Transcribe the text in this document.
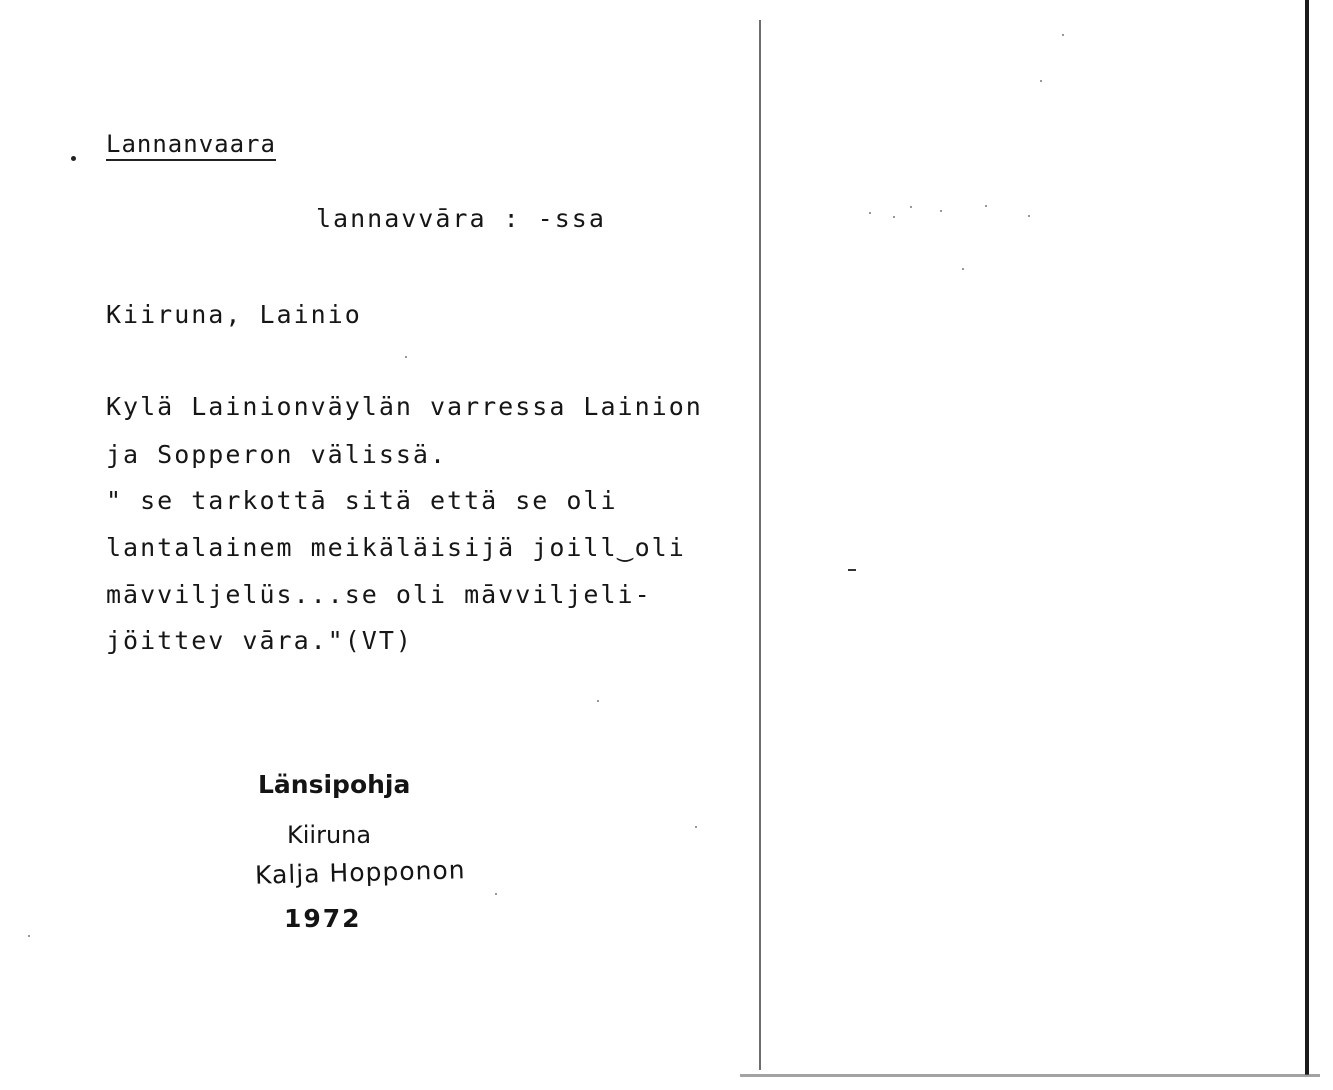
Lannanvaara
lannavvāra : -ssa
Kiiruna, Lainio
Kylä Lainionväylän varressa Lainion
ja Sopperon välissä.
" se tarkottā sitä että se oli
lantalainem meikäläisijä joill‿oli
māvviljelüs...se oli māvviljeli-
jöittev vāra."(VT)
Länsipohja
Kiiruna
Kalja Hopponon
1972
